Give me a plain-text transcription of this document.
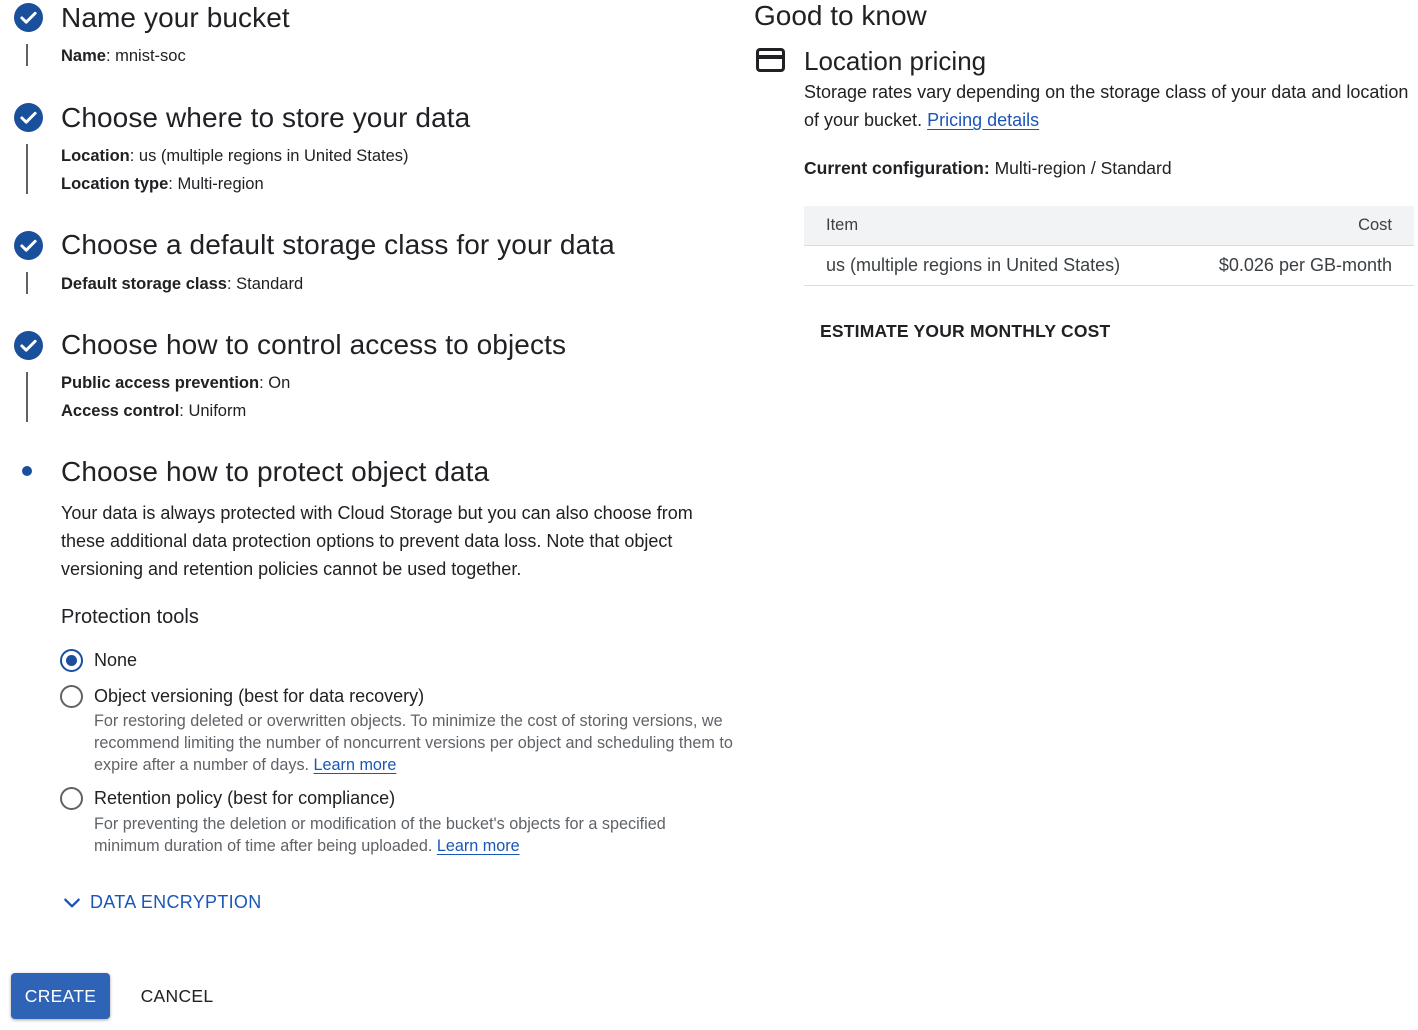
Name your bucket
Name: mnist-soc
Choose where to store your data
Location: us (multiple regions in United States)
Location type: Multi-region
Choose a default storage class for your data
Default storage class: Standard
Choose how to control access to objects
Public access prevention: On
Access control: Uniform
Choose how to protect object data
Your data is always protected with Cloud Storage but you can also choose from these additional data protection options to prevent data loss. Note that object versioning and retention policies cannot be used together.
Protection tools
None
Object versioning (best for data recovery)
For restoring deleted or overwritten objects. To minimize the cost of storing versions, we recommend limiting the number of noncurrent versions per object and scheduling them to expire after a number of days. Learn more
Retention policy (best for compliance)
For preventing the deletion or modification of the bucket's objects for a specified minimum duration of time after being uploaded. Learn more
DATA ENCRYPTION
CREATE	CANCEL
Good to know
Location pricing
Storage rates vary depending on the storage class of your data and location of your bucket. Pricing details
Current configuration: Multi-region / Standard
Item	Cost
us (multiple regions in United States)	$0.026 per GB-month
ESTIMATE YOUR MONTHLY COST
